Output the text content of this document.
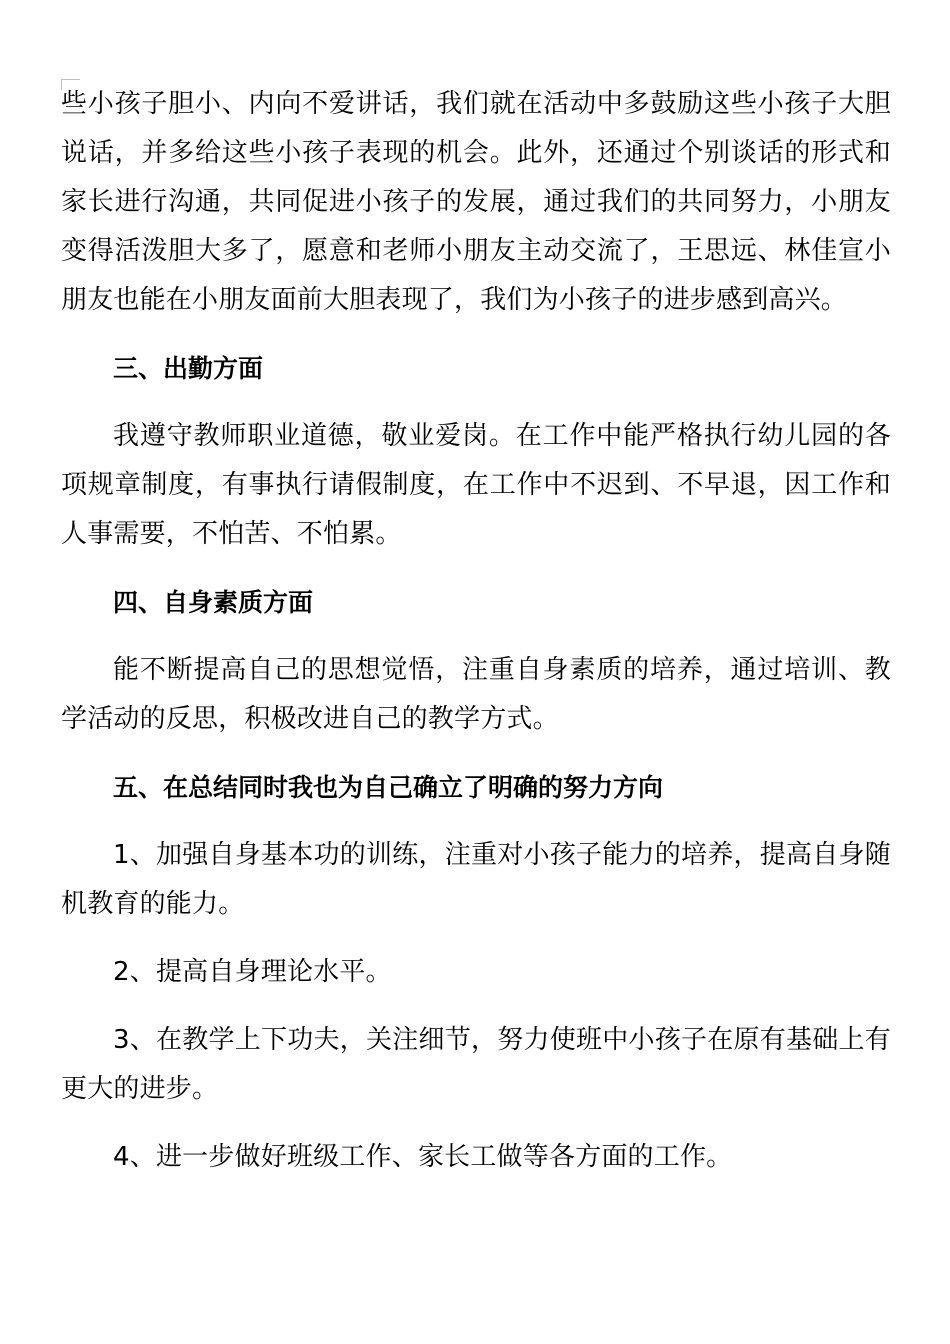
些小孩子胆小、内向不爱讲话，我们就在活动中多鼓励这些小孩子大胆说话，并多给这些小孩子表现的机会。此外，还通过个别谈话的形式和家长进行沟通，共同促进小孩子的发展，通过我们的共同努力，小朋友变得活泼胆大多了，愿意和老师小朋友主动交流了，王思远、林佳宣小朋友也能在小朋友面前大胆表现了，我们为小孩子的进步感到高兴。

三、出勤方面

我遵守教师职业道德，敬业爱岗。在工作中能严格执行幼儿园的各项规章制度，有事执行请假制度，在工作中不迟到、不早退，因工作和人事需要，不怕苦、不怕累。

四、自身素质方面

能不断提高自己的思想觉悟，注重自身素质的培养，通过培训、教学活动的反思，积极改进自己的教学方式。

五、在总结同时我也为自己确立了明确的努力方向

1、加强自身基本功的训练，注重对小孩子能力的培养，提高自身随机教育的能力。

2、提高自身理论水平。

3、在教学上下功夫，关注细节，努力使班中小孩子在原有基础上有更大的进步。

4、进一步做好班级工作、家长工做等各方面的工作。
